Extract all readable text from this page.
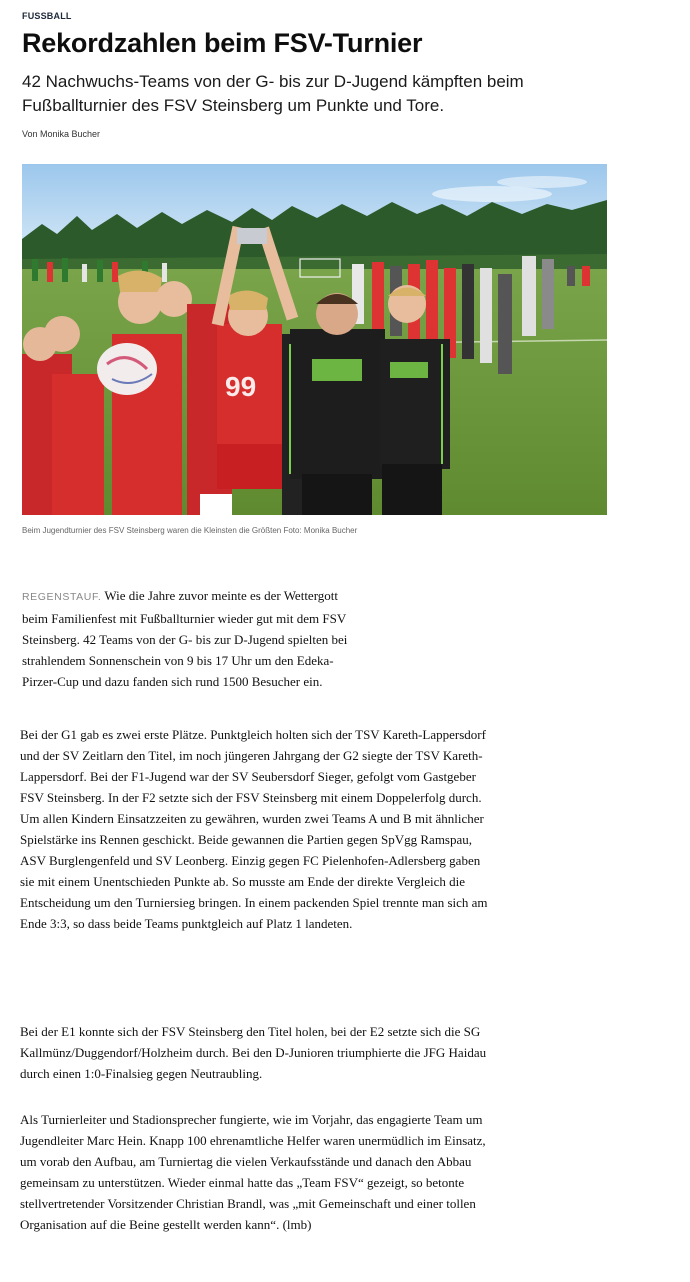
FUSSBALL
Rekordzahlen beim FSV-Turnier

42 Nachwuchs-Teams von der G- bis zur D-Jugend kämpften beim Fußballturnier des FSV Steinsberg um Punkte und Tore.

Von Monika Bucher
99
Beim Jugendturnier des FSV Steinsberg waren die Kleinsten die Größten Foto: Monika Bucher

REGENSTAUF. Wie die Jahre zuvor meinte es der Wettergott beim Familienfest mit Fußballturnier wieder gut mit dem FSV Steinsberg. 42 Teams von der G- bis zur D-Jugend spielten bei strahlendem Sonnenschein von 9 bis 17 Uhr um den Edeka-Pirzer-Cup und dazu fanden sich rund 1500 Besucher ein.

Bei der G1 gab es zwei erste Plätze. Punktgleich holten sich der TSV Kareth-Lappersdorf und der SV Zeitlarn den Titel, im noch jüngeren Jahrgang der G2 siegte der TSV Kareth-Lappersdorf. Bei der F1-Jugend war der SV Seubersdorf Sieger, gefolgt vom Gastgeber FSV Steinsberg. In der F2 setzte sich der FSV Steinsberg mit einem Doppelerfolg durch. Um allen Kindern Einsatzzeiten zu gewähren, wurden zwei Teams A und B mit ähnlicher Spielstärke ins Rennen geschickt. Beide gewannen die Partien gegen SpVgg Ramspau, ASV Burglengenfeld und SV Leonberg. Einzig gegen FC Pielenhofen-Adlersberg gaben sie mit einem Unentschieden Punkte ab. So musste am Ende der direkte Vergleich die Entscheidung um den Turniersieg bringen. In einem packenden Spiel trennte man sich am Ende 3:3, so dass beide Teams punktgleich auf Platz 1 landeten.

Bei der E1 konnte sich der FSV Steinsberg den Titel holen, bei der E2 setzte sich die SG Kallmünz/Duggendorf/Holzheim durch. Bei den D-Junioren triumphierte die JFG Haidau durch einen 1:0-Finalsieg gegen Neutraubling.

Als Turnierleiter und Stadionsprecher fungierte, wie im Vorjahr, das engagierte Team um Jugendleiter Marc Hein. Knapp 100 ehrenamtliche Helfer waren unermüdlich im Einsatz, um vorab den Aufbau, am Turniertag die vielen Verkaufsstände und danach den Abbau gemeinsam zu unterstützen. Wieder einmal hatte das „Team FSV“ gezeigt, so betonte stellvertretender Vorsitzender Christian Brandl, was „mit Gemeinschaft und einer tollen Organisation auf die Beine gestellt werden kann“. (lmb)
